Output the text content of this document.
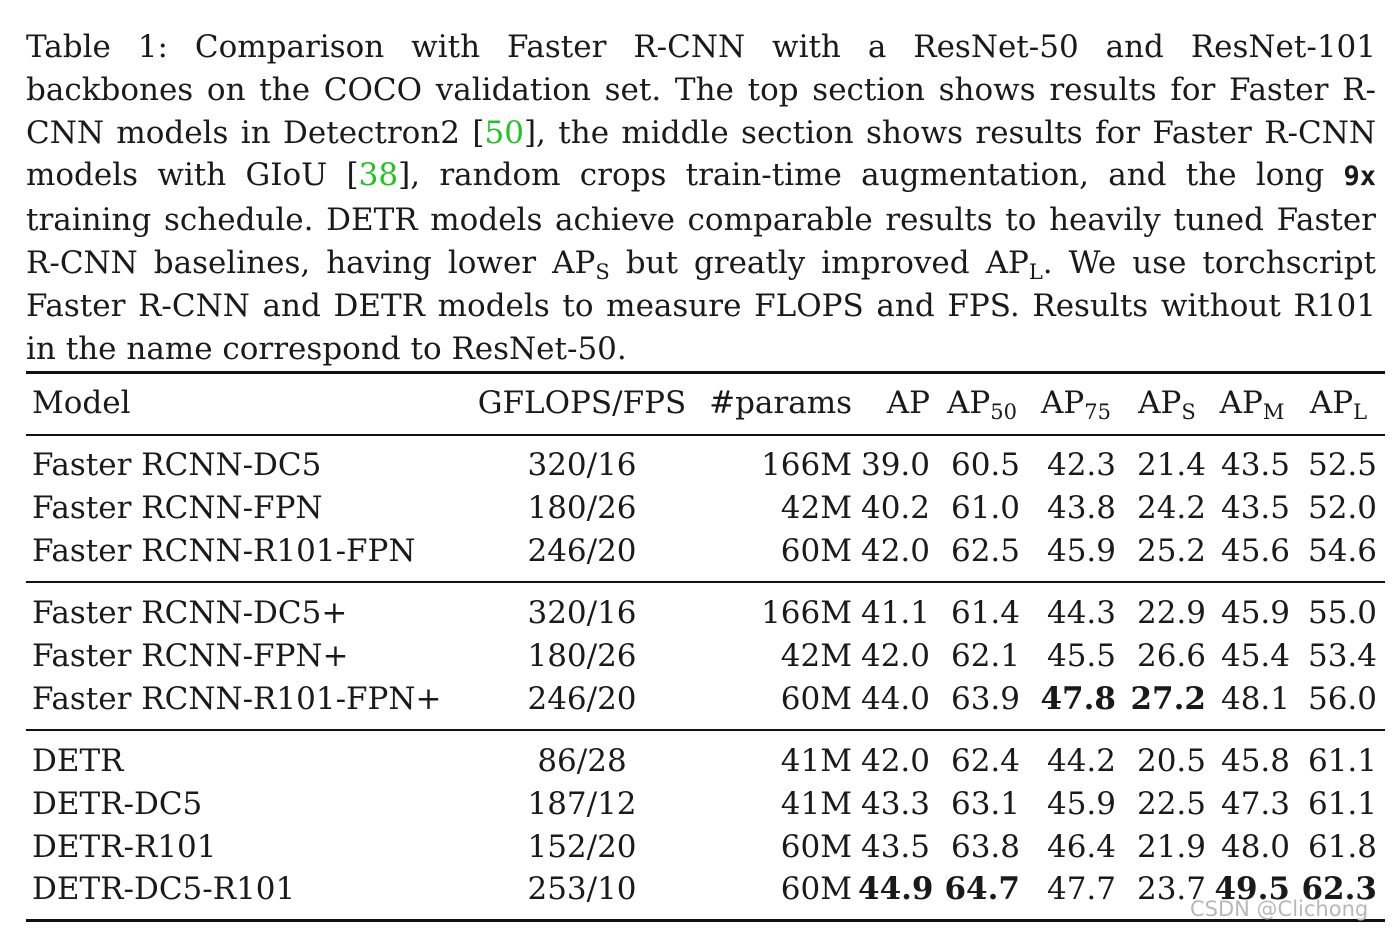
Table 1: Comparison with Faster R-CNN with a ResNet-50 and ResNet-101 backbones on the COCO validation set. The top section shows results for Faster R-CNN models in Detectron2 [50], the middle section shows results for Faster R-CNN models with GIoU [38], random crops train-time augmentation, and the long 9x training schedule. DETR models achieve comparable results to heavily tuned Faster R-CNN baselines, having lower $AP_S$ but greatly improved $AP_L$. We use torchscript Faster R-CNN and DETR models to measure FLOPS and FPS. Results without R101 in the name correspond to ResNet-50.

Model	GFLOPS/FPS #params	AP $AP_{50}$ $AP_{75}$ $AP_S$ $AP_M$ $AP_L$
Faster RCNN-DC5	320/16	166M 39.0 60.5 42.3 21.4 43.5 52.5
Faster RCNN-FPN	180/26	42M 40.2 61.0 43.8 24.2 43.5 52.0
Faster RCNN-R101-FPN	246/20	60M 42.0 62.5 45.9 25.2 45.6 54.6
Faster RCNN-DC5+	320/16	166M 41.1 61.4 44.3 22.9 45.9 55.0
Faster RCNN-FPN+	180/26	42M 42.0 62.1 45.5 26.6 45.4 53.4
Faster RCNN-R101-FPN+	246/20	60M 44.0 63.9 47.8 27.2 48.1 56.0
DETR	86/28	41M 42.0 62.4 44.2 20.5 45.8 61.1
DETR-DC5	187/12	41M 43.3 63.1 45.9 22.5 47.3 61.1
DETR-R101	152/20	60M 43.5 63.8 46.4 21.9 48.0 61.8
DETR-DC5-R101	253/10	60M 44.9 64.7 47.7 23.7 49.5 62.3
CSDN @Clichong
